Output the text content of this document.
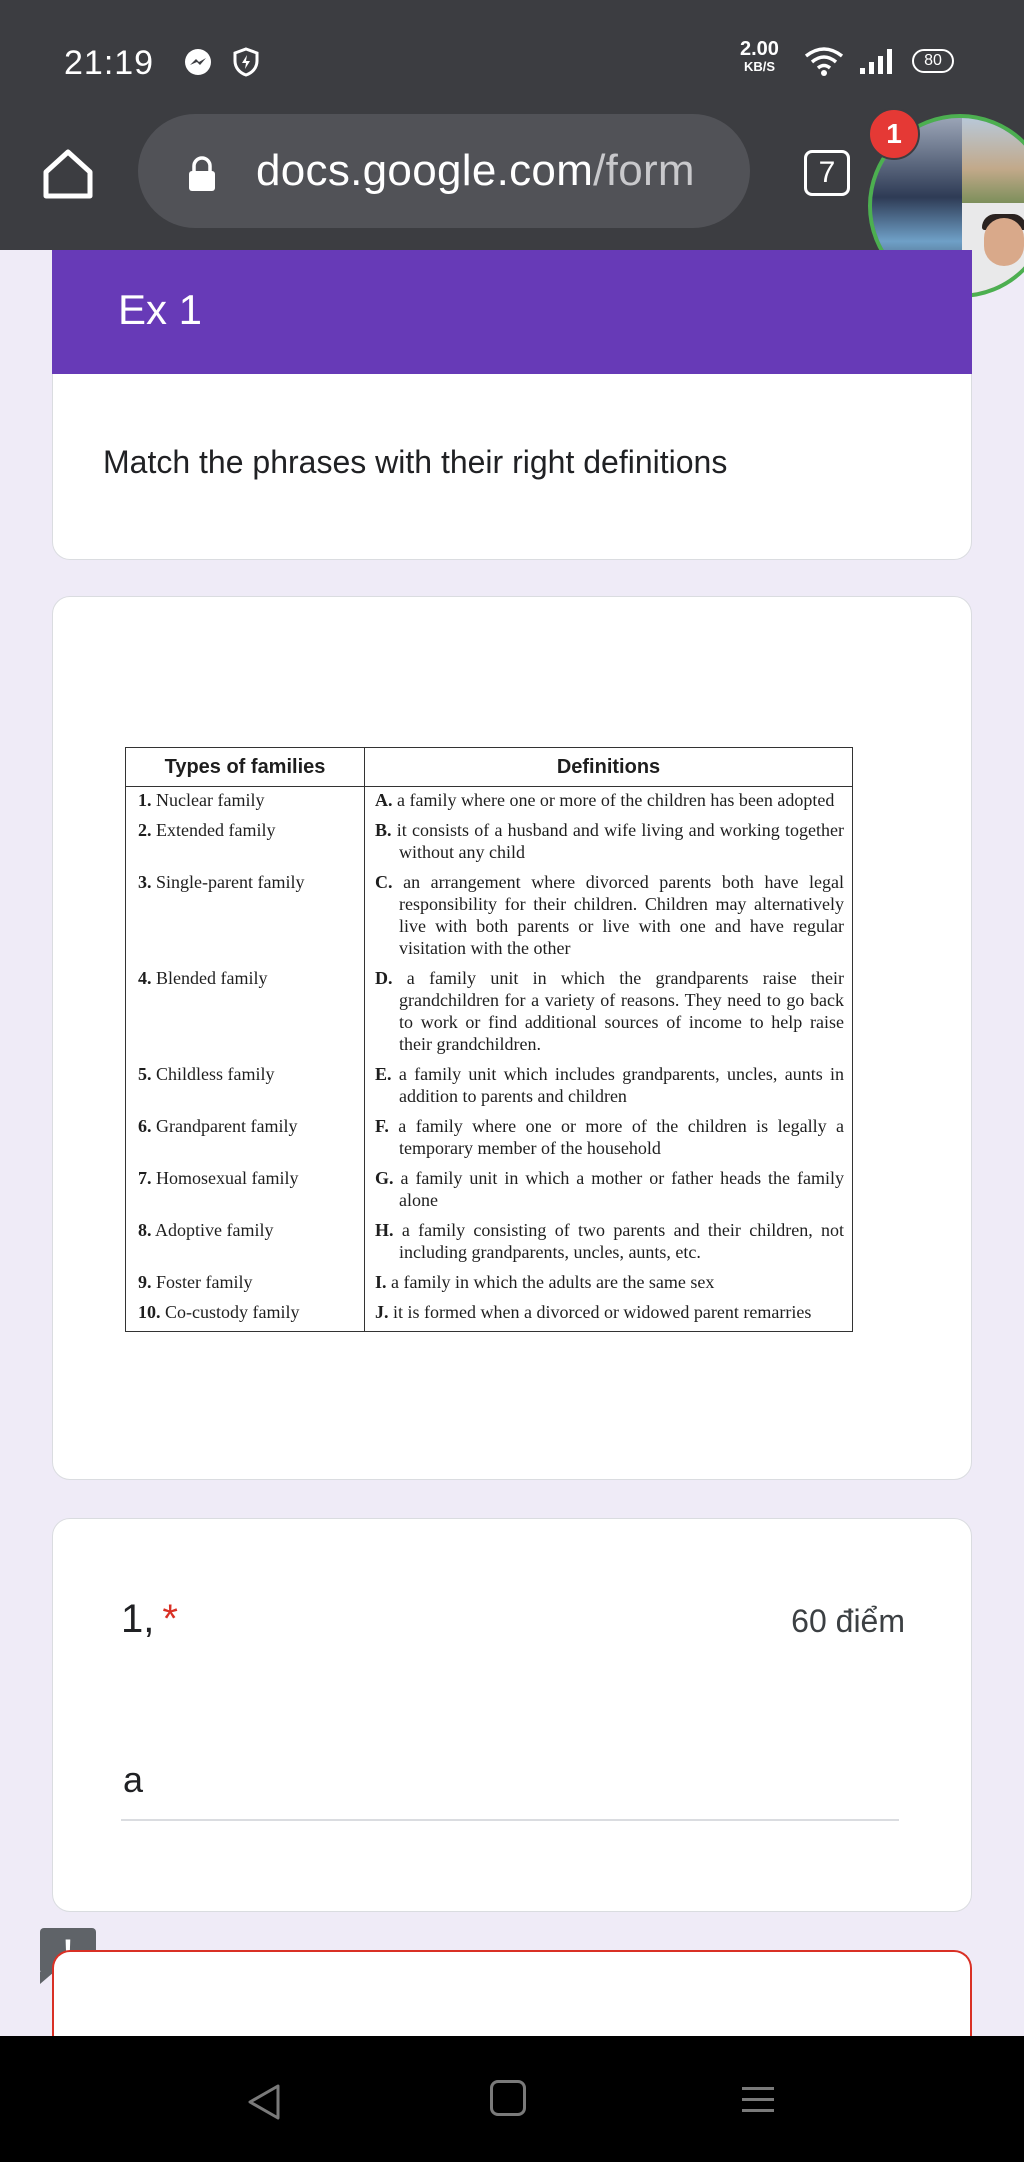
21:19	2.00
KB/S	80
docs.google.com/form	7
1
Ex 1
Match the phrases with their right definitions
Types of families	Definitions
1. Nuclear family	A. a family where one or more of the children has been adopted
2. Extended family	B. it consists of a husband and wife living and working together without any child
3. Single-parent family	C. an arrangement where divorced parents both have legal responsibility for their children. Children may alternatively live with both parents or live with one and have regular visitation with the other
4. Blended family	D. a family unit in which the grandparents raise their grandchildren for a variety of reasons. They need to go back to work or find additional sources of income to help raise their grandchildren.
5. Childless family	E. a family unit which includes grandparents, uncles, aunts in addition to parents and children
6. Grandparent family	F. a family where one or more of the children is legally a temporary member of the household
7. Homosexual family	G. a family unit in which a mother or father heads the family alone
8. Adoptive family	H. a family consisting of two parents and their children, not including grandparents, uncles, aunts, etc.
9. Foster family	I. a family in which the adults are the same sex
10. Co-custody family	J. it is formed when a divorced or widowed parent remarries
1, *	60 điểm
a
